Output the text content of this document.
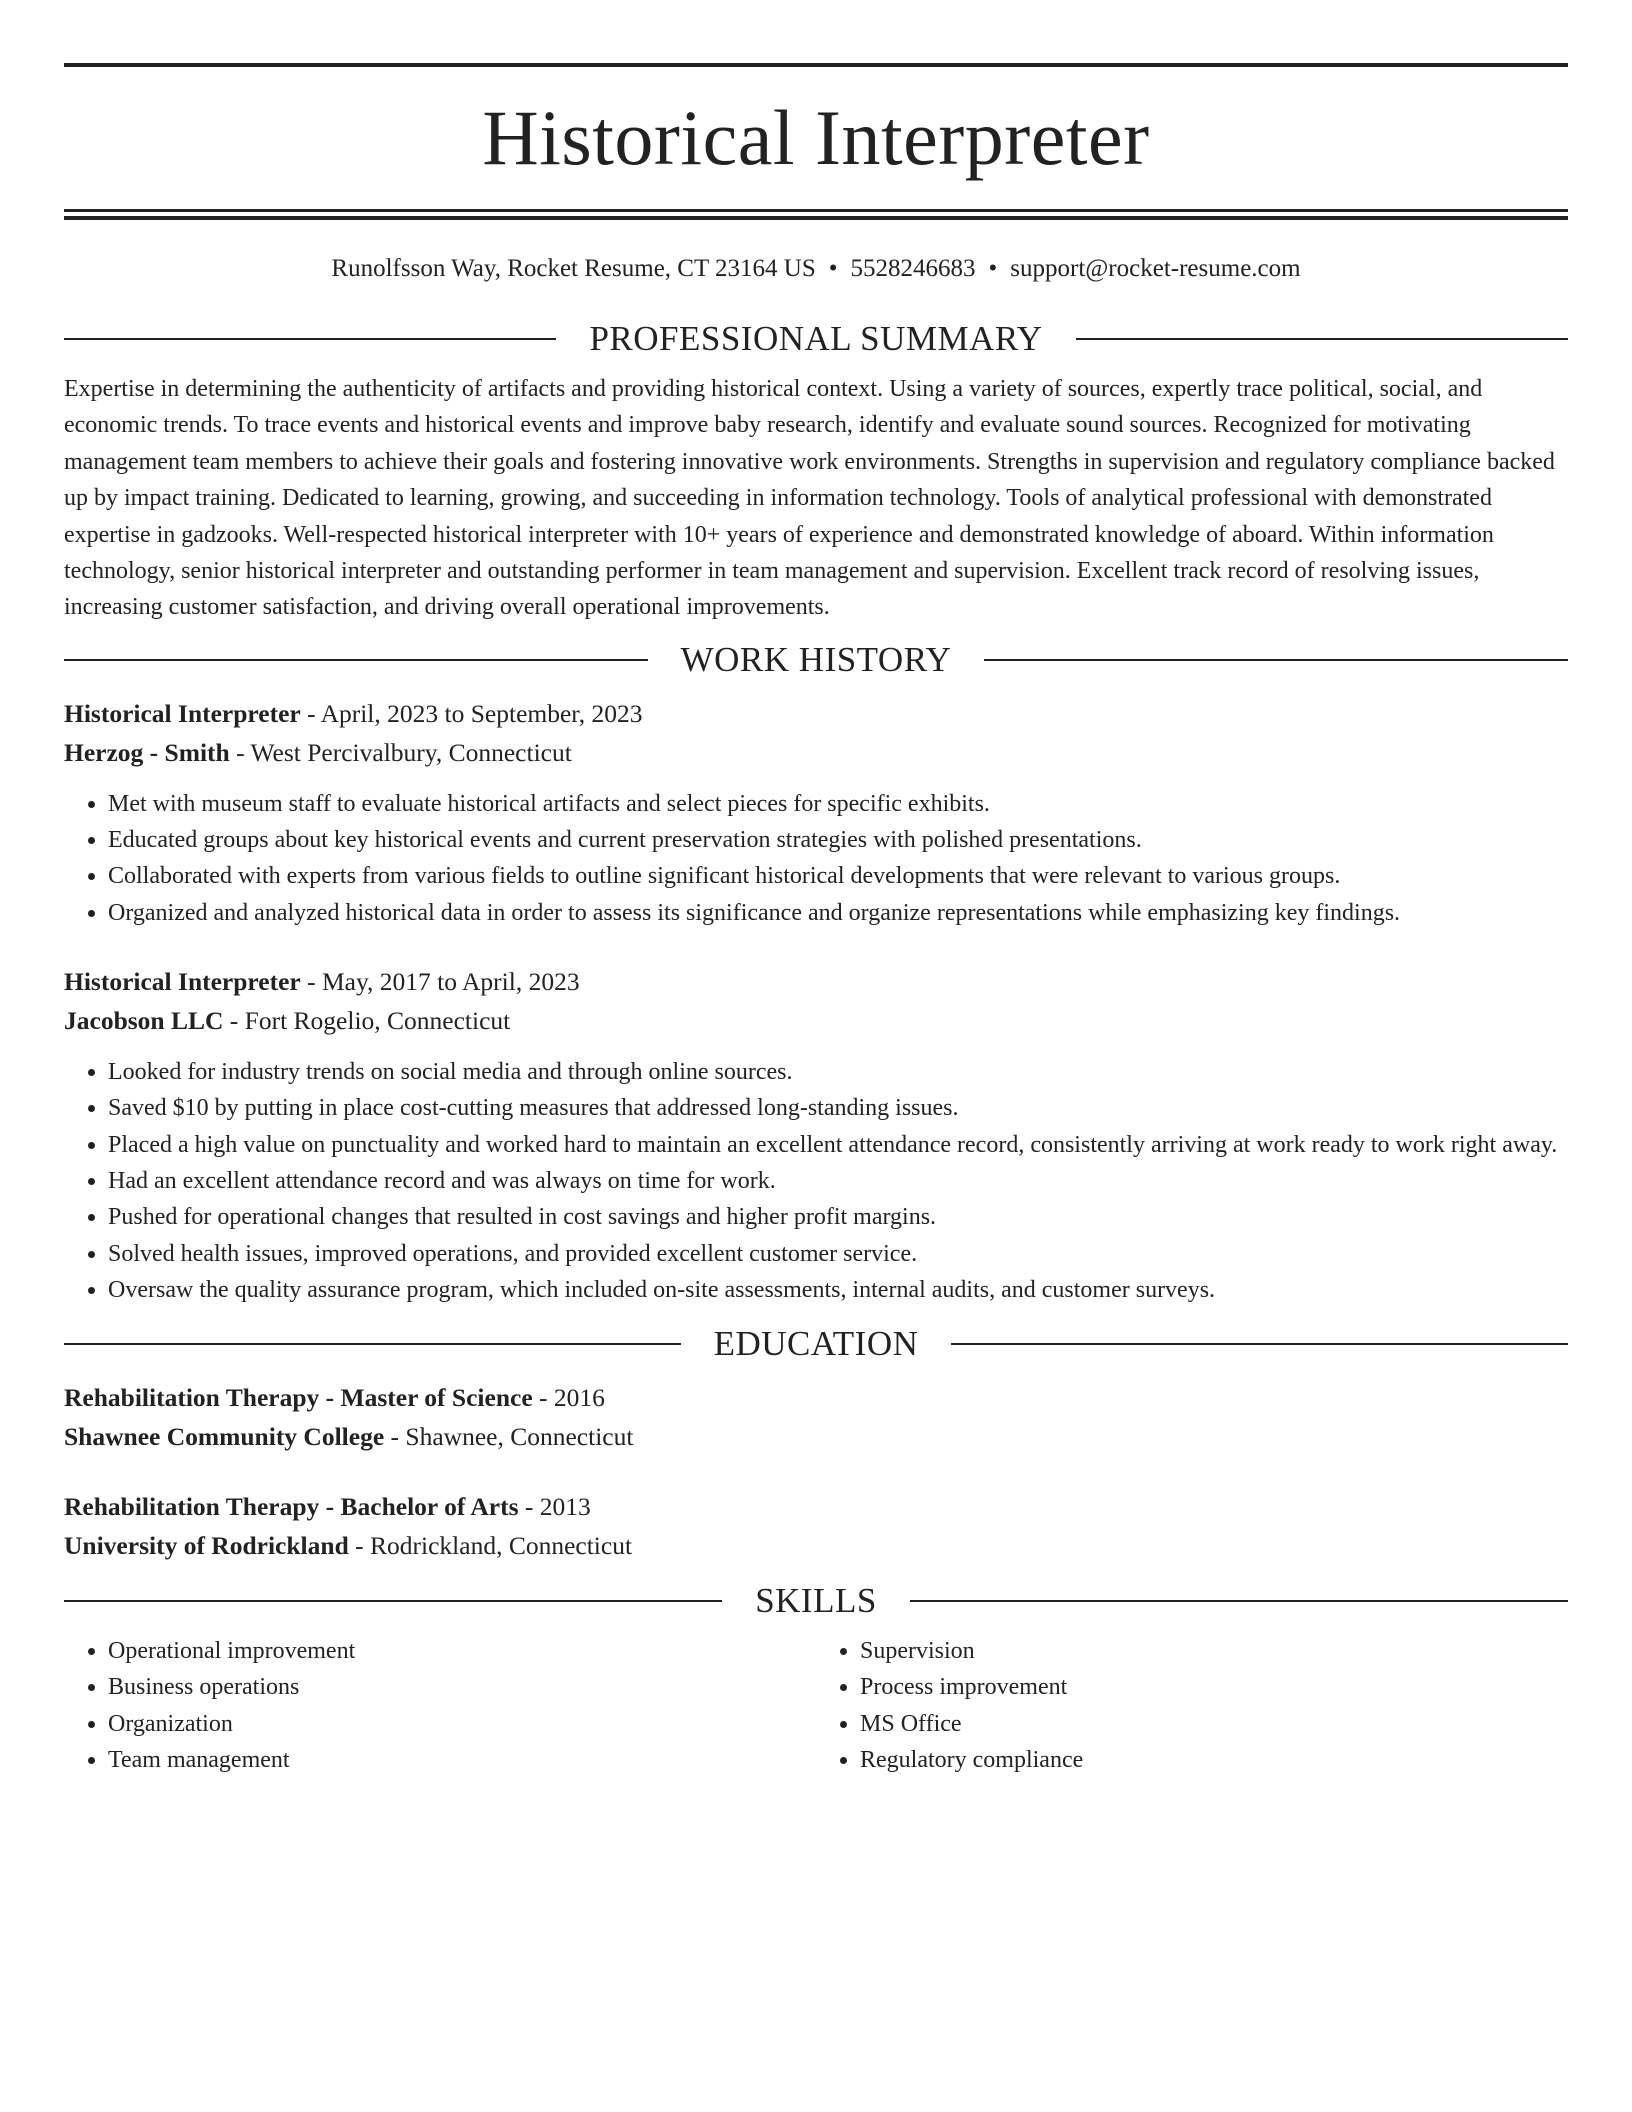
Historical Interpreter
Runolfsson Way, Rocket Resume, CT 23164 US • 5528246683 • support@rocket-resume.com
PROFESSIONAL SUMMARY

Expertise in determining the authenticity of artifacts and providing historical context. Using a variety of sources, expertly trace political, social, and economic trends. To trace events and historical events and improve baby research, identify and evaluate sound sources. Recognized for motivating management team members to achieve their goals and fostering innovative work environments. Strengths in supervision and regulatory compliance backed up by impact training. Dedicated to learning, growing, and succeeding in information technology. Tools of analytical professional with demonstrated expertise in gadzooks. Well-respected historical interpreter with 10+ years of experience and demonstrated knowledge of aboard. Within information technology, senior historical interpreter and outstanding performer in team management and supervision. Excellent track record of resolving issues, increasing customer satisfaction, and driving overall operational improvements.

WORK HISTORY
Historical Interpreter - April, 2023 to September, 2023
Herzog - Smith - West Percivalbury, Connecticut
• Met with museum staff to evaluate historical artifacts and select pieces for specific exhibits.
• Educated groups about key historical events and current preservation strategies with polished presentations.
• Collaborated with experts from various fields to outline significant historical developments that were relevant to various groups.
• Organized and analyzed historical data in order to assess its significance and organize representations while emphasizing key findings.
Historical Interpreter - May, 2017 to April, 2023
Jacobson LLC - Fort Rogelio, Connecticut
• Looked for industry trends on social media and through online sources.
• Saved $10 by putting in place cost-cutting measures that addressed long-standing issues.
• Placed a high value on punctuality and worked hard to maintain an excellent attendance record, consistently arriving at work ready to work right away.
• Had an excellent attendance record and was always on time for work.
• Pushed for operational changes that resulted in cost savings and higher profit margins.
• Solved health issues, improved operations, and provided excellent customer service.
• Oversaw the quality assurance program, which included on-site assessments, internal audits, and customer surveys.
EDUCATION
Rehabilitation Therapy - Master of Science - 2016
Shawnee Community College - Shawnee, Connecticut
Rehabilitation Therapy - Bachelor of Arts - 2013
University of Rodrickland - Rodrickland, Connecticut
SKILLS
• Operational improvement
• Business operations
• Organization
• Team management
• Supervision
• Process improvement
• MS Office
• Regulatory compliance
